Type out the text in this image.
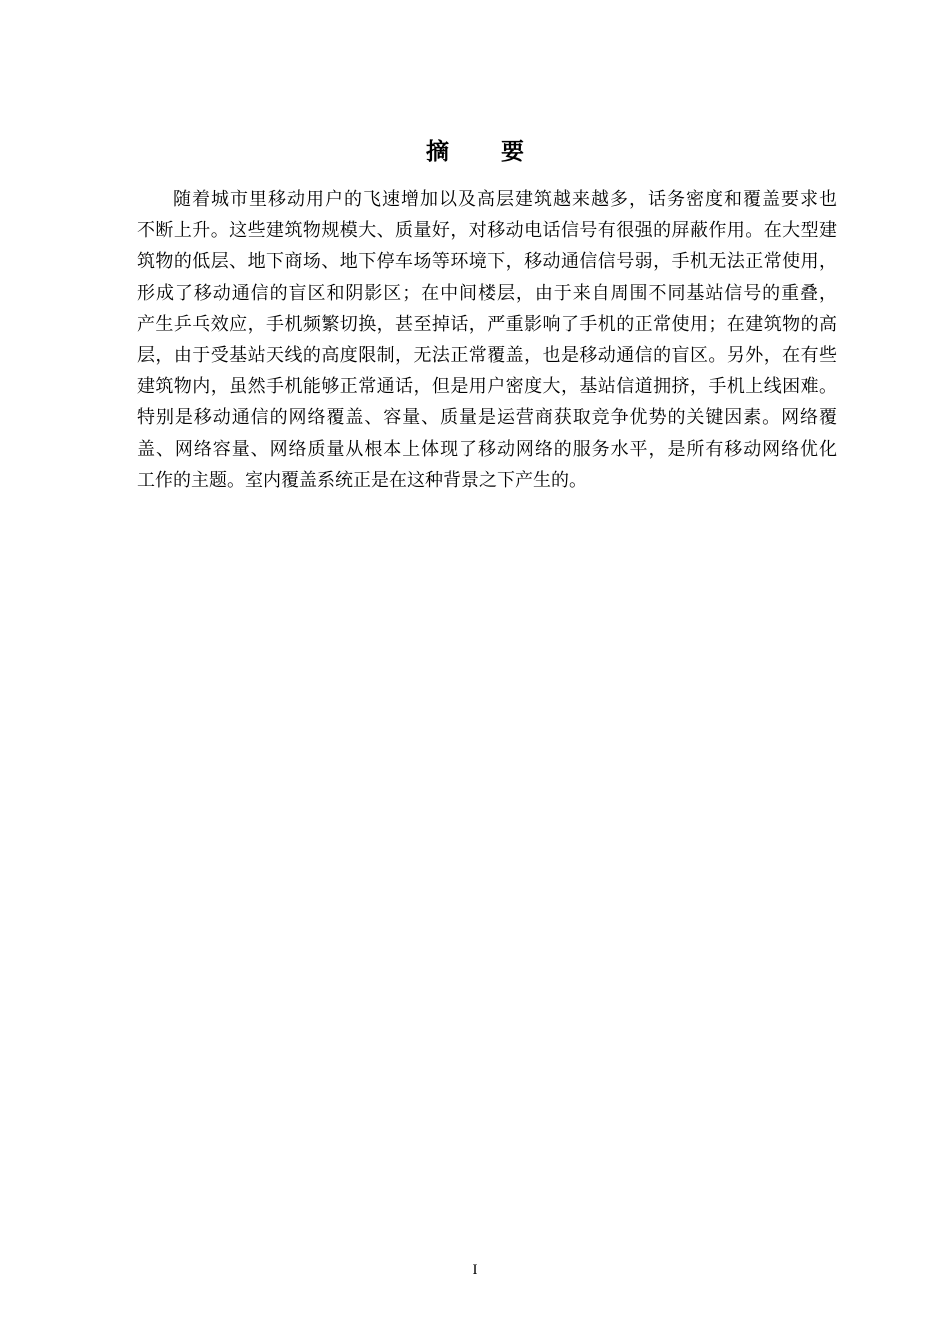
摘 要
随着城市里移动用户的飞速增加以及高层建筑越来越多，话务密度和覆盖要求也
不断上升。这些建筑物规模大、质量好，对移动电话信号有很强的屏蔽作用。在大型建
筑物的低层、地下商场、地下停车场等环境下，移动通信信号弱，手机无法正常使用，
形成了移动通信的盲区和阴影区；在中间楼层，由于来自周围不同基站信号的重叠，
产生乒乓效应，手机频繁切换，甚至掉话，严重影响了手机的正常使用；在建筑物的高
层，由于受基站天线的高度限制，无法正常覆盖，也是移动通信的盲区。另外，在有些
建筑物内，虽然手机能够正常通话，但是用户密度大，基站信道拥挤，手机上线困难。
特别是移动通信的网络覆盖、容量、质量是运营商获取竞争优势的关键因素。网络覆
盖、网络容量、网络质量从根本上体现了移动网络的服务水平，是所有移动网络优化
工作的主题。室内覆盖系统正是在这种背景之下产生的。
I
